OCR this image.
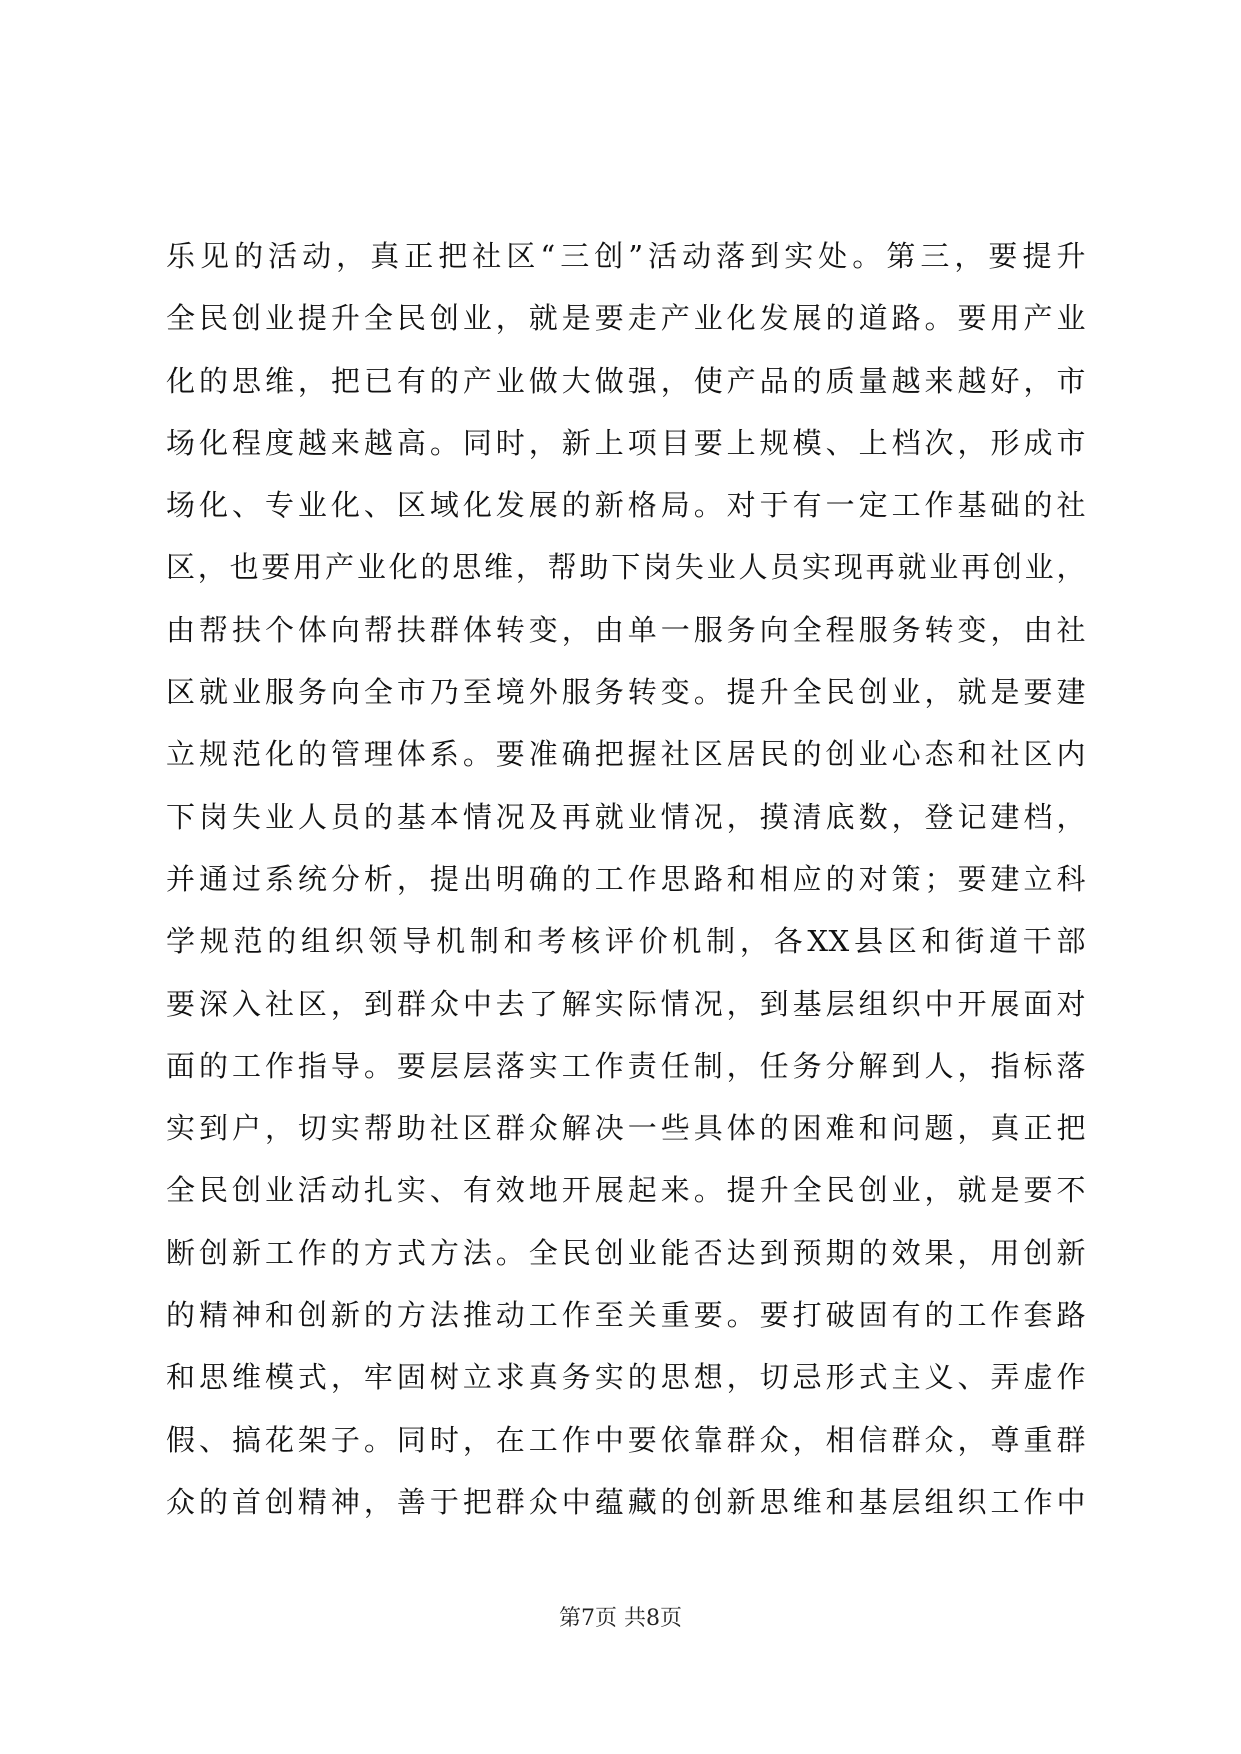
乐见的活动，真正把社区“三创”活动落到实处。第三，要提升
全民创业提升全民创业，就是要走产业化发展的道路。要用产业
化的思维，把已有的产业做大做强，使产品的质量越来越好，市
场化程度越来越高。同时，新上项目要上规模、上档次，形成市
场化、专业化、区域化发展的新格局。对于有一定工作基础的社
区，也要用产业化的思维，帮助下岗失业人员实现再就业再创业，
由帮扶个体向帮扶群体转变，由单一服务向全程服务转变，由社
区就业服务向全市乃至境外服务转变。提升全民创业，就是要建
立规范化的管理体系。要准确把握社区居民的创业心态和社区内
下岗失业人员的基本情况及再就业情况，摸清底数，登记建档，
并通过系统分析，提出明确的工作思路和相应的对策；要建立科
学规范的组织领导机制和考核评价机制，各XX县区和街道干部
要深入社区，到群众中去了解实际情况，到基层组织中开展面对
面的工作指导。要层层落实工作责任制，任务分解到人，指标落
实到户，切实帮助社区群众解决一些具体的困难和问题，真正把
全民创业活动扎实、有效地开展起来。提升全民创业，就是要不
断创新工作的方式方法。全民创业能否达到预期的效果，用创新
的精神和创新的方法推动工作至关重要。要打破固有的工作套路
和思维模式，牢固树立求真务实的思想，切忌形式主义、弄虚作
假、搞花架子。同时，在工作中要依靠群众，相信群众，尊重群
众的首创精神，善于把群众中蕴藏的创新思维和基层组织工作中
第7页 共8页
